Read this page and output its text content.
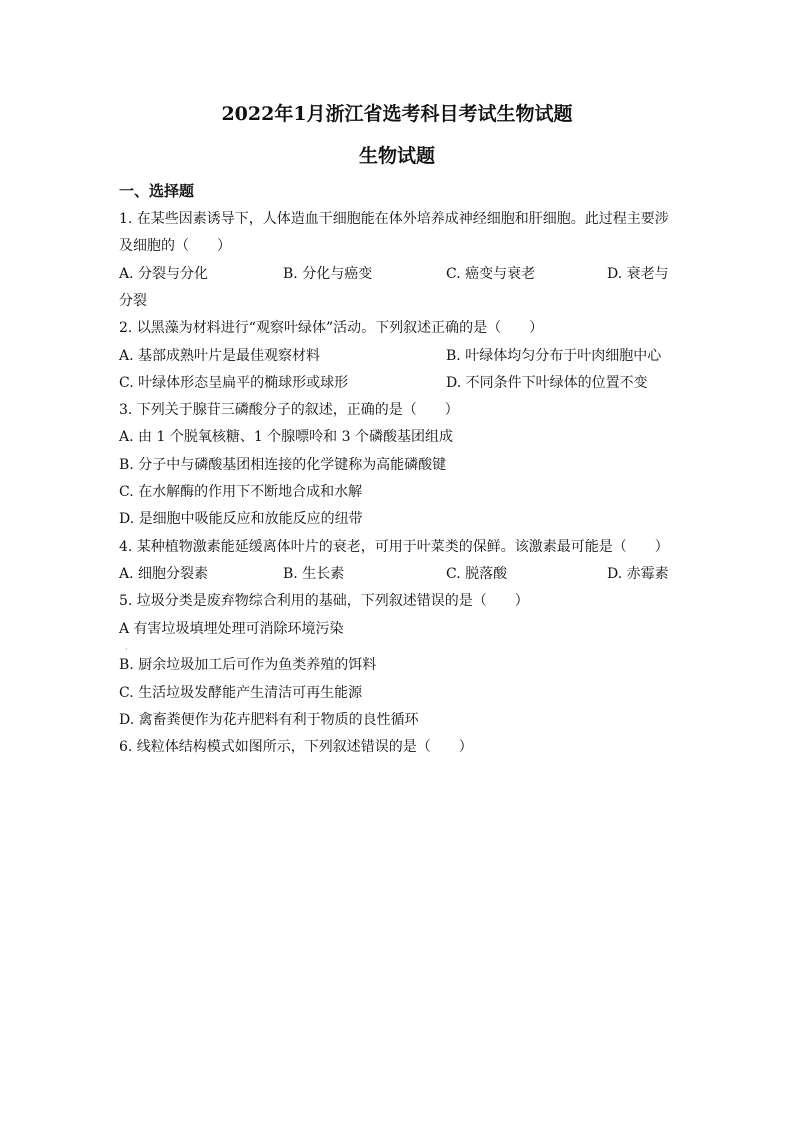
2022年1月浙江省选考科目考试生物试题
生物试题
一、选择题
1. 在某些因素诱导下，人体造血干细胞能在体外培养成神经细胞和肝细胞。此过程主要涉
及细胞的（　　）
A. 分裂与分化	B. 分化与癌变	C. 癌变与衰老	D. 衰老与
分裂
2. 以黑藻为材料进行“观察叶绿体”活动。下列叙述正确的是（　　）
A. 基部成熟叶片是最佳观察材料	B. 叶绿体均匀分布于叶肉细胞中心
C. 叶绿体形态呈扁平的椭球形或球形	D. 不同条件下叶绿体的位置不变
3. 下列关于腺苷三磷酸分子的叙述，正确的是（　　）
A. 由 1 个脱氧核糖、1 个腺嘌呤和 3 个磷酸基团组成
B. 分子中与磷酸基团相连接的化学键称为高能磷酸键
C. 在水解酶的作用下不断地合成和水解
D. 是细胞中吸能反应和放能反应的纽带
4. 某种植物激素能延缓离体叶片的衰老，可用于叶菜类的保鲜。该激素最可能是（　　）
A. 细胞分裂素	B. 生长素	C. 脱落酸	D. 赤霉素
5. 垃圾分类是废弃物综合利用的基础，下列叙述错误的是（　　）
A 有害垃圾填埋处理可消除环境污染
·
B. 厨余垃圾加工后可作为鱼类养殖的饵料
C. 生活垃圾发酵能产生清洁可再生能源
D. 禽畜粪便作为花卉肥料有利于物质的良性循环
6. 线粒体结构模式如图所示，下列叙述错误的是（　　）
